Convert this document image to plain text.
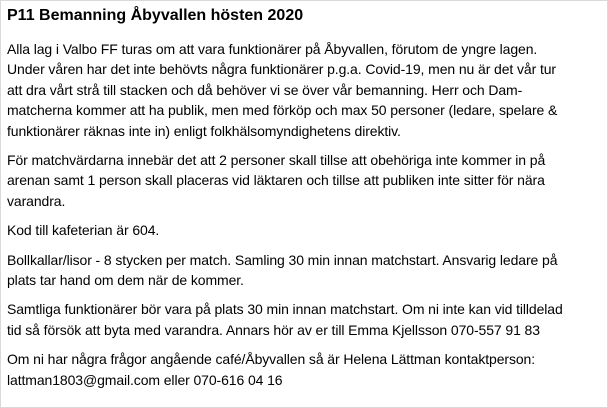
P11 Bemanning Åbyvallen hösten 2020

Alla lag i Valbo FF turas om att vara funktionärer på Åbyvallen, förutom de yngre lagen.
Under våren har det inte behövts några funktionärer p.g.a. Covid-19, men nu är det vår tur
att dra vårt strå till stacken och då behöver vi se över vår bemanning. Herr och Dam-
matcherna kommer att ha publik, men med förköp och max 50 personer (ledare, spelare &
funktionärer räknas inte in) enligt folkhälsomyndighetens direktiv.

För matchvärdarna innebär det att 2 personer skall tillse att obehöriga inte kommer in på
arenan samt 1 person skall placeras vid läktaren och tillse att publiken inte sitter för nära
varandra.

Kod till kafeterian är 604.

Bollkallar/lisor - 8 stycken per match. Samling 30 min innan matchstart. Ansvarig ledare på
plats tar hand om dem när de kommer.

Samtliga funktionärer bör vara på plats 30 min innan matchstart. Om ni inte kan vid tilldelad
tid så försök att byta med varandra. Annars hör av er till Emma Kjellsson 070-557 91 83

Om ni har några frågor angående café/Åbyvallen så är Helena Lättman kontaktperson:
lattman1803@gmail.com eller 070-616 04 16
